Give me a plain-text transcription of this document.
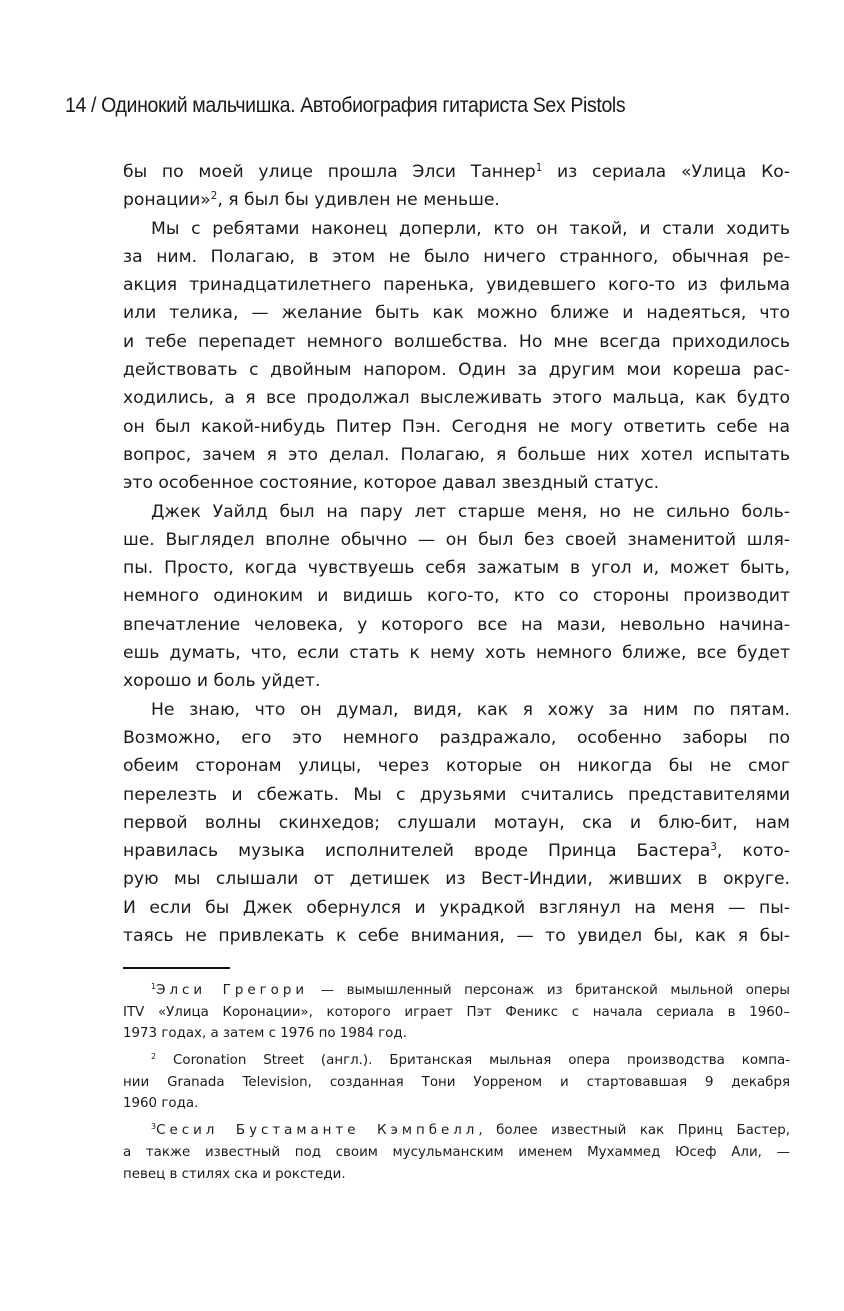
14 / Одинокий мальчишка. Автобиография гитариста Sex Pistols
бы по моей улице прошла Элси Таннер$^1$ из сериала «Улица Ко-
ронации»$^2$, я был бы удивлен не меньше.
Мы с ребятами наконец доперли, кто он такой, и стали ходить
за ним. Полагаю, в этом не было ничего странного, обычная ре-
акция тринадцатилетнего паренька, увидевшего кого-то из фильма
или телика, — желание быть как можно ближе и надеяться, что
и тебе перепадет немного волшебства. Но мне всегда приходилось
действовать с двойным напором. Один за другим мои кореша рас-
ходились, а я все продолжал выслеживать этого мальца, как будто
он был какой-нибудь Питер Пэн. Сегодня не могу ответить себе на
вопрос, зачем я это делал. Полагаю, я больше них хотел испытать
это особенное состояние, которое давал звездный статус.
Джек Уайлд был на пару лет старше меня, но не сильно боль-
ше. Выглядел вполне обычно — он был без своей знаменитой шля-
пы. Просто, когда чувствуешь себя зажатым в угол и, может быть,
немного одиноким и видишь кого-то, кто со стороны производит
впечатление человека, у которого все на мази, невольно начина-
ешь думать, что, если стать к нему хоть немного ближе, все будет
хорошо и боль уйдет.
Не знаю, что он думал, видя, как я хожу за ним по пятам.
Возможно, его это немного раздражало, особенно заборы по
обеим сторонам улицы, через которые он никогда бы не смог
перелезть и сбежать. Мы с друзьями считались представителями
первой волны скинхедов; слушали мотаун, ска и блю-бит, нам
нравилась музыка исполнителей вроде Принца Бастера$^3$, кото-
рую мы слышали от детишек из Вест-Индии, живших в округе.
И если бы Джек обернулся и украдкой взглянул на меня — пы-
таясь не привлекать к себе внимания, — то увидел бы, как я бы-
$^1$Элси Грегори — вымышленный персонаж из британской мыльной оперы
ITV «Улица Коронации», которого играет Пэт Феникс с начала сериала в 1960–
1973 годах, а затем с 1976 по 1984 год.
$^2$ Coronation Street (англ.). Британская мыльная опера производства компа-
нии Granada Television, созданная Тони Уорреном и стартовавшая 9 декабря
1960 года.
$^3$Сесил Бустаманте Кэмпбелл, более известный как Принц Бастер,
а также известный под своим мусульманским именем Мухаммед Юсеф Али, —
певец в стилях ска и рокстеди.
